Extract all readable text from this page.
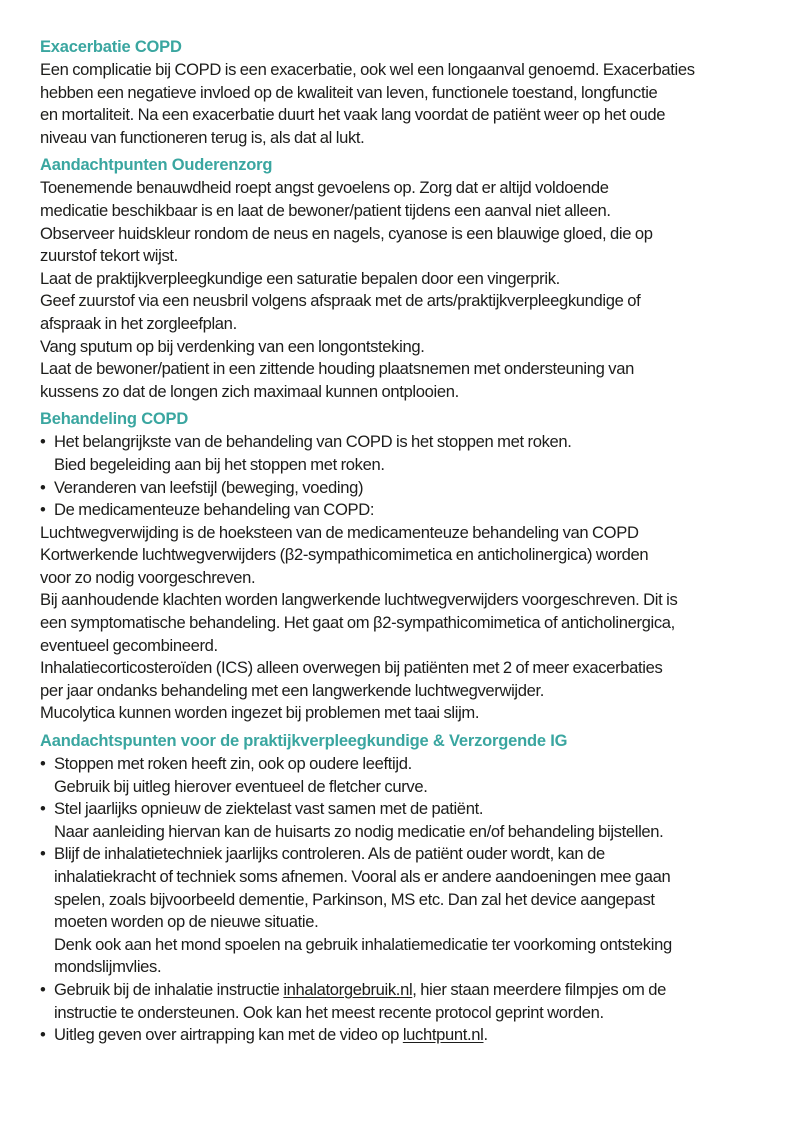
Exacerbatie COPD

Een complicatie bij COPD is een exacerbatie, ook wel een longaanval genoemd. Exacerbaties

hebben een negatieve invloed op de kwaliteit van leven, functionele toestand, longfunctie

en mortaliteit. Na een exacerbatie duurt het vaak lang voordat de patiënt weer op het oude

niveau van functioneren terug is, als dat al lukt.

Aandachtpunten Ouderenzorg

Toenemende benauwdheid roept angst gevoelens op. Zorg dat er altijd voldoende

medicatie beschikbaar is en laat de bewoner/patient tijdens een aanval niet alleen.

Observeer huidskleur rondom de neus en nagels, cyanose is een blauwige gloed, die op

zuurstof tekort wijst.

Laat de praktijkverpleegkundige een saturatie bepalen door een vingerprik.

Geef zuurstof via een neusbril volgens afspraak met de arts/praktijkverpleegkundige of

afspraak in het zorgleefplan.

Vang sputum op bij verdenking van een longontsteking.

Laat de bewoner/patient in een zittende houding plaatsnemen met ondersteuning van

kussens zo dat de longen zich maximaal kunnen ontplooien.

Behandeling COPD
• Het belangrijkste van de behandeling van COPD is het stoppen met roken.

Bied begeleiding aan bij het stoppen met roken.

• Veranderen van leefstijl (beweging, voeding)

• De medicamenteuze behandeling van COPD:

Luchtwegverwijding is de hoeksteen van de medicamenteuze behandeling van COPD

Kortwerkende luchtwegverwijders (β2-sympathicomimetica en anticholinergica) worden

voor zo nodig voorgeschreven.

Bij aanhoudende klachten worden langwerkende luchtwegverwijders voorgeschreven. Dit is

een symptomatische behandeling. Het gaat om β2-sympathicomimetica of anticholinergica,

eventueel gecombineerd.

Inhalatiecorticosteroïden (ICS) alleen overwegen bij patiënten met 2 of meer exacerbaties

per jaar ondanks behandeling met een langwerkende luchtwegverwijder.

Mucolytica kunnen worden ingezet bij problemen met taai slijm.

Aandachtspunten voor de praktijkverpleegkundige & Verzorgende IG
• Stoppen met roken heeft zin, ook op oudere leeftijd.

Gebruik bij uitleg hierover eventueel de fletcher curve.

• Stel jaarlijks opnieuw de ziektelast vast samen met de patiënt.

Naar aanleiding hiervan kan de huisarts zo nodig medicatie en/of behandeling bijstellen.

• Blijf de inhalatietechniek jaarlijks controleren. Als de patiënt ouder wordt, kan de

inhalatiekracht of techniek soms afnemen. Vooral als er andere aandoeningen mee gaan

spelen, zoals bijvoorbeeld dementie, Parkinson, MS etc. Dan zal het device aangepast

moeten worden op de nieuwe situatie.

Denk ook aan het mond spoelen na gebruik inhalatiemedicatie ter voorkoming ontsteking

mondslijmvlies.

• Gebruik bij de inhalatie instructie inhalatorgebruik.nl, hier staan meerdere filmpjes om de

instructie te ondersteunen. Ook kan het meest recente protocol geprint worden.

• Uitleg geven over airtrapping kan met de video op luchtpunt.nl.
